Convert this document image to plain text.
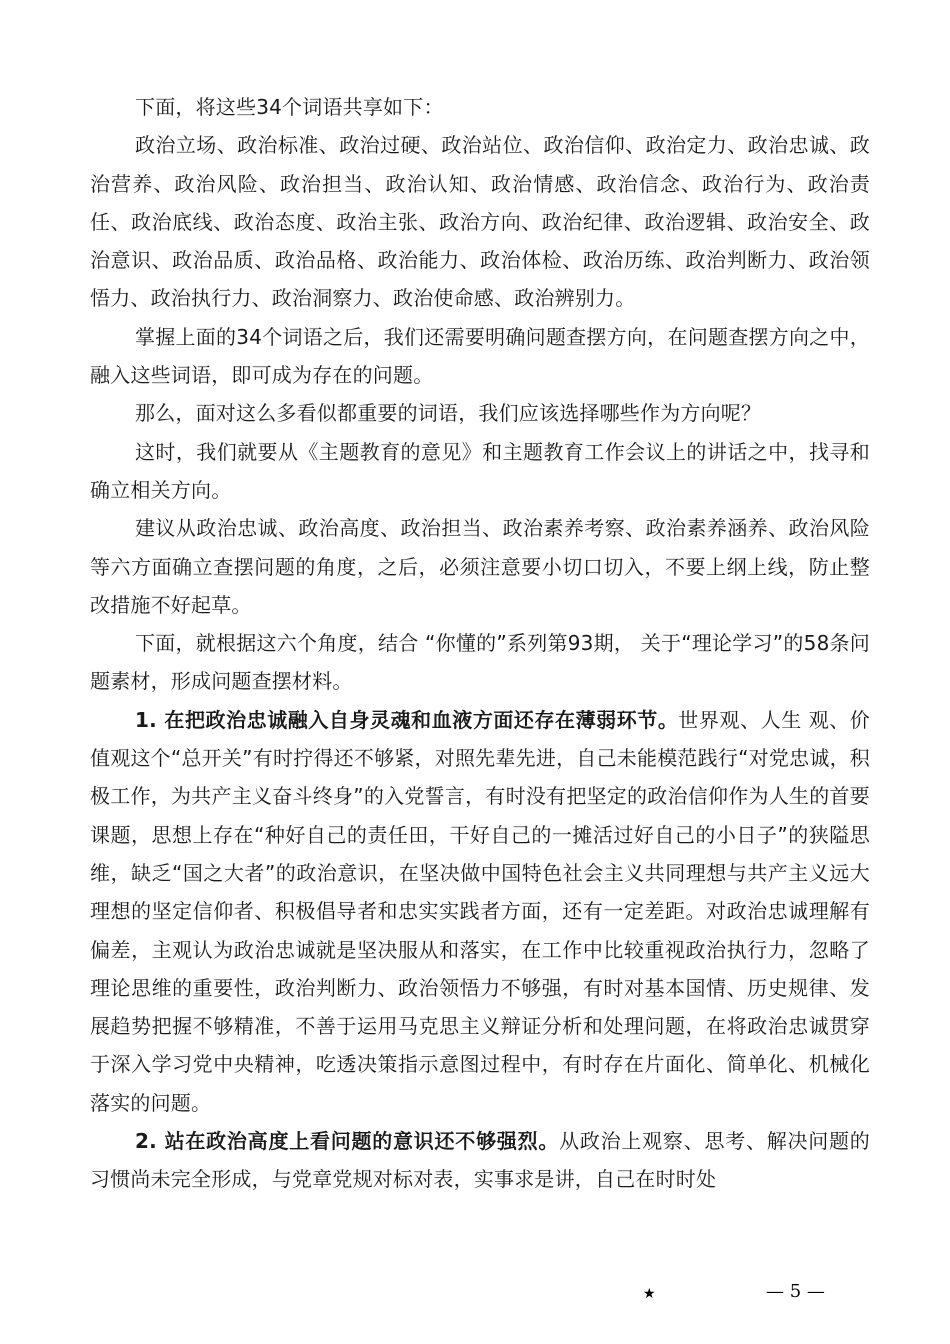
下面，将这些34个词语共享如下：

政治立场、政治标准、政治过硬、政治站位、政治信仰、政治定力、政治忠诚、政治营养、政治风险、政治担当、政治认知、政治情感、政治信念、政治行为、政治责任、政治底线、政治态度、政治主张、政治方向、政治纪律、政治逻辑、政治安全、政治意识、政治品质、政治品格、政治能力、政治体检、政治历练、政治判断力、政治领悟力、政治执行力、政治洞察力、政治使命感、政治辨别力。

掌握上面的34个词语之后，我们还需要明确问题查摆方向，在问题查摆方向之中，融入这些词语，即可成为存在的问题。

那么，面对这么多看似都重要的词语，我们应该选择哪些作为方向呢？

这时，我们就要从《主题教育的意见》和主题教育工作会议上的讲话之中，找寻和确立相关方向。

建议从政治忠诚、政治高度、政治担当、政治素养考察、政治素养涵养、政治风险等六方面确立查摆问题的角度，之后，必须注意要小切口切入，不要上纲上线，防止整改措施不好起草。

下面，就根据这六个角度，结合 “你懂的”系列第93期， 关于“理论学习”的58条问题素材，形成问题查摆材料。

1. 在把政治忠诚融入自身灵魂和血液方面还存在薄弱环节。世界观、人生 观、价值观这个“总开关”有时拧得还不够紧，对照先辈先进，自己未能模范践行“对党忠诚，积极工作，为共产主义奋斗终身”的入党誓言，有时没有把坚定的政治信仰作为人生的首要课题，思想上存在“种好自己的责任田，干好自己的一摊活过好自己的小日子”的狭隘思维，缺乏“国之大者”的政治意识，在坚决做中国特色社会主义共同理想与共产主义远大理想的坚定信仰者、积极倡导者和忠实实践者方面，还有一定差距。对政治忠诚理解有偏差，主观认为政治忠诚就是坚决服从和落实，在工作中比较重视政治执行力，忽略了理论思维的重要性，政治判断力、政治领悟力不够强，有时对基本国情、历史规律、发展趋势把握不够精准，不善于运用马克思主义辩证分析和处理问题，在将政治忠诚贯穿于深入学习党中央精神，吃透决策指示意图过程中，有时存在片面化、简单化、机械化落实的问题。

2. 站在政治高度上看问题的意识还不够强烈。从政治上观察、思考、解决问题的习惯尚未完全形成，与党章党规对标对表，实事求是讲，自己在时时处

★	— 5 —
